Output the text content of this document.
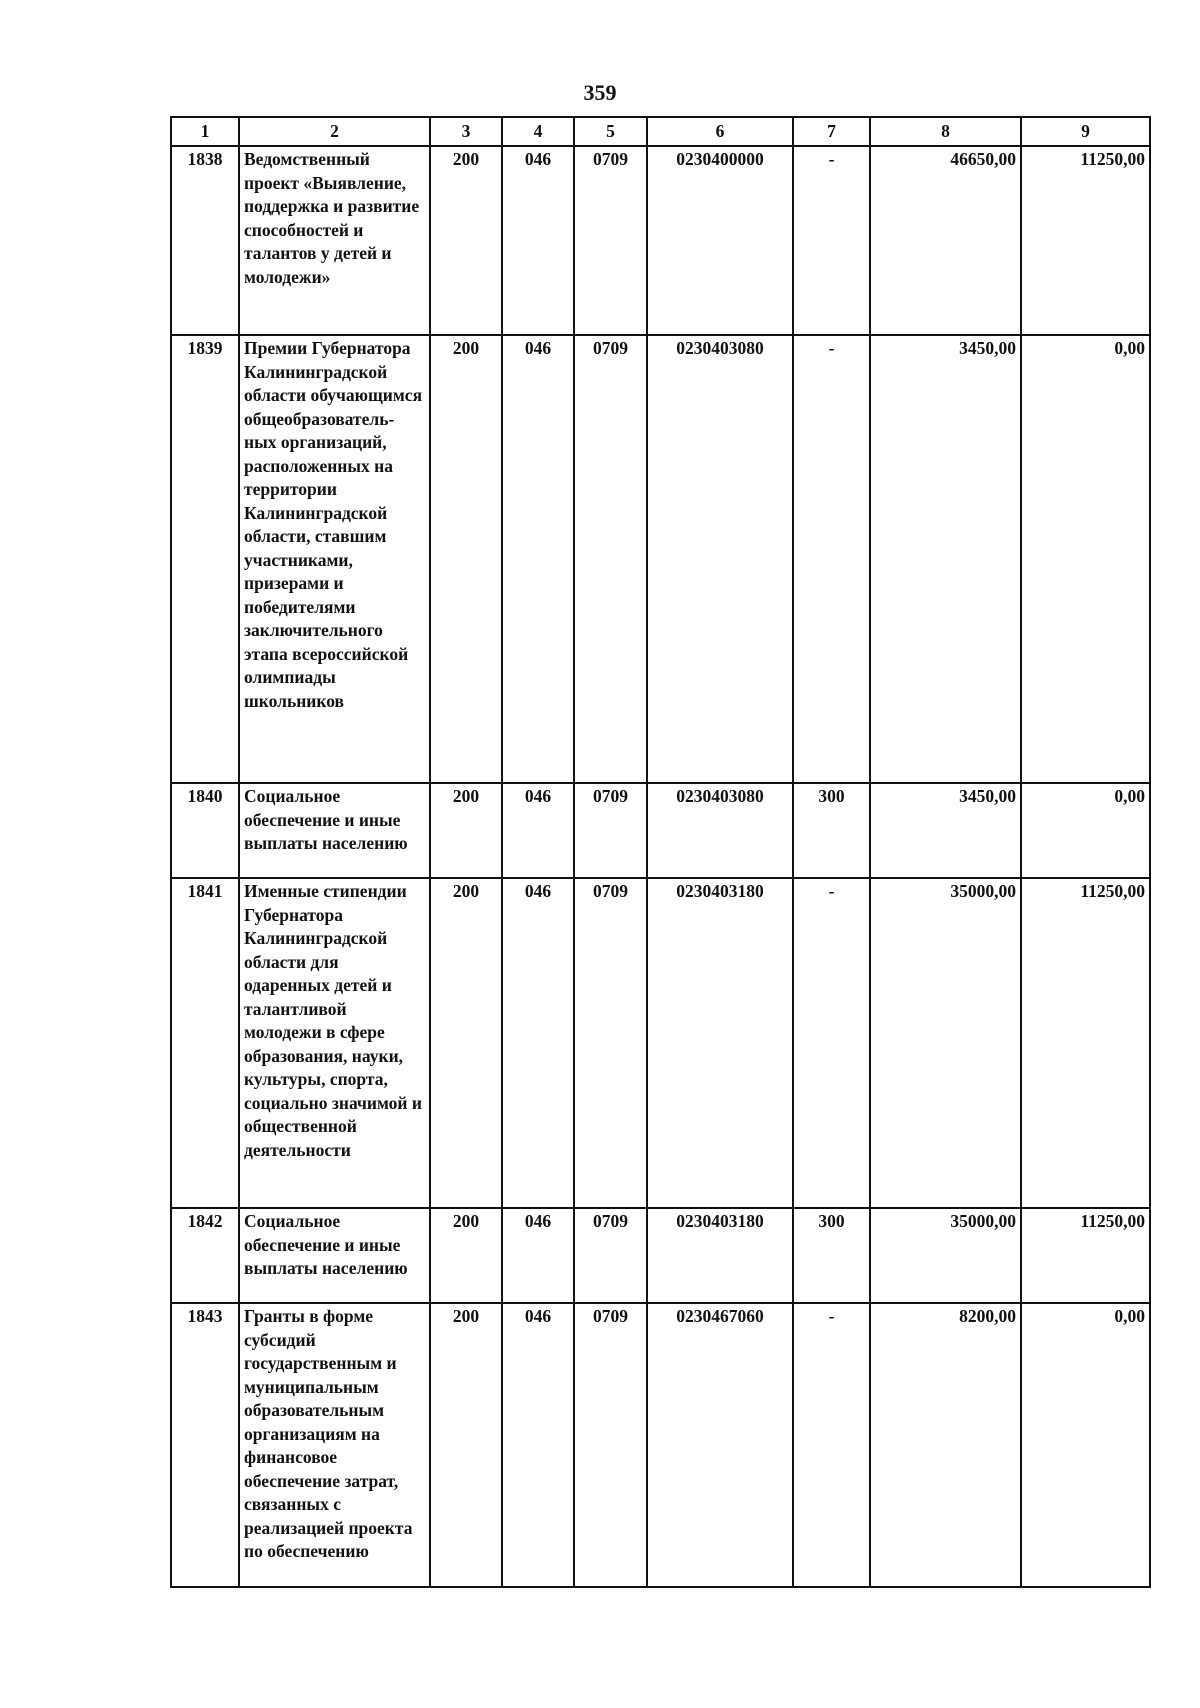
359
1	2	3	4	5	6	7	8	9
1838	Ведомственный проект «Выявление, поддержка и развитие способностей и талантов у детей и молодежи»	200	046	0709	0230400000	-	46650,00	11250,00
1839	Премии Губернатора Калининградской области обучающимся общеобразователь-ных организаций, расположенных на территории Калининградской области, ставшим участниками, призерами и победителями заключительного этапа всероссийской олимпиады школьников	200	046	0709	0230403080	-	3450,00	0,00
1840	Социальное обеспечение и иные выплаты населению	200	046	0709	0230403080	300	3450,00	0,00
1841	Именные стипендии Губернатора Калининградской области для одаренных детей и талантливой молодежи в сфере образования, науки, культуры, спорта, социально значимой и общественной деятельности	200	046	0709	0230403180	-	35000,00	11250,00
1842	Социальное обеспечение и иные выплаты населению	200	046	0709	0230403180	300	35000,00	11250,00
1843	Гранты в форме субсидий государственным и муниципальным образовательным организациям на финансовое обеспечение затрат, связанных с реализацией проекта по обеспечению	200	046	0709	0230467060	-	8200,00	0,00
